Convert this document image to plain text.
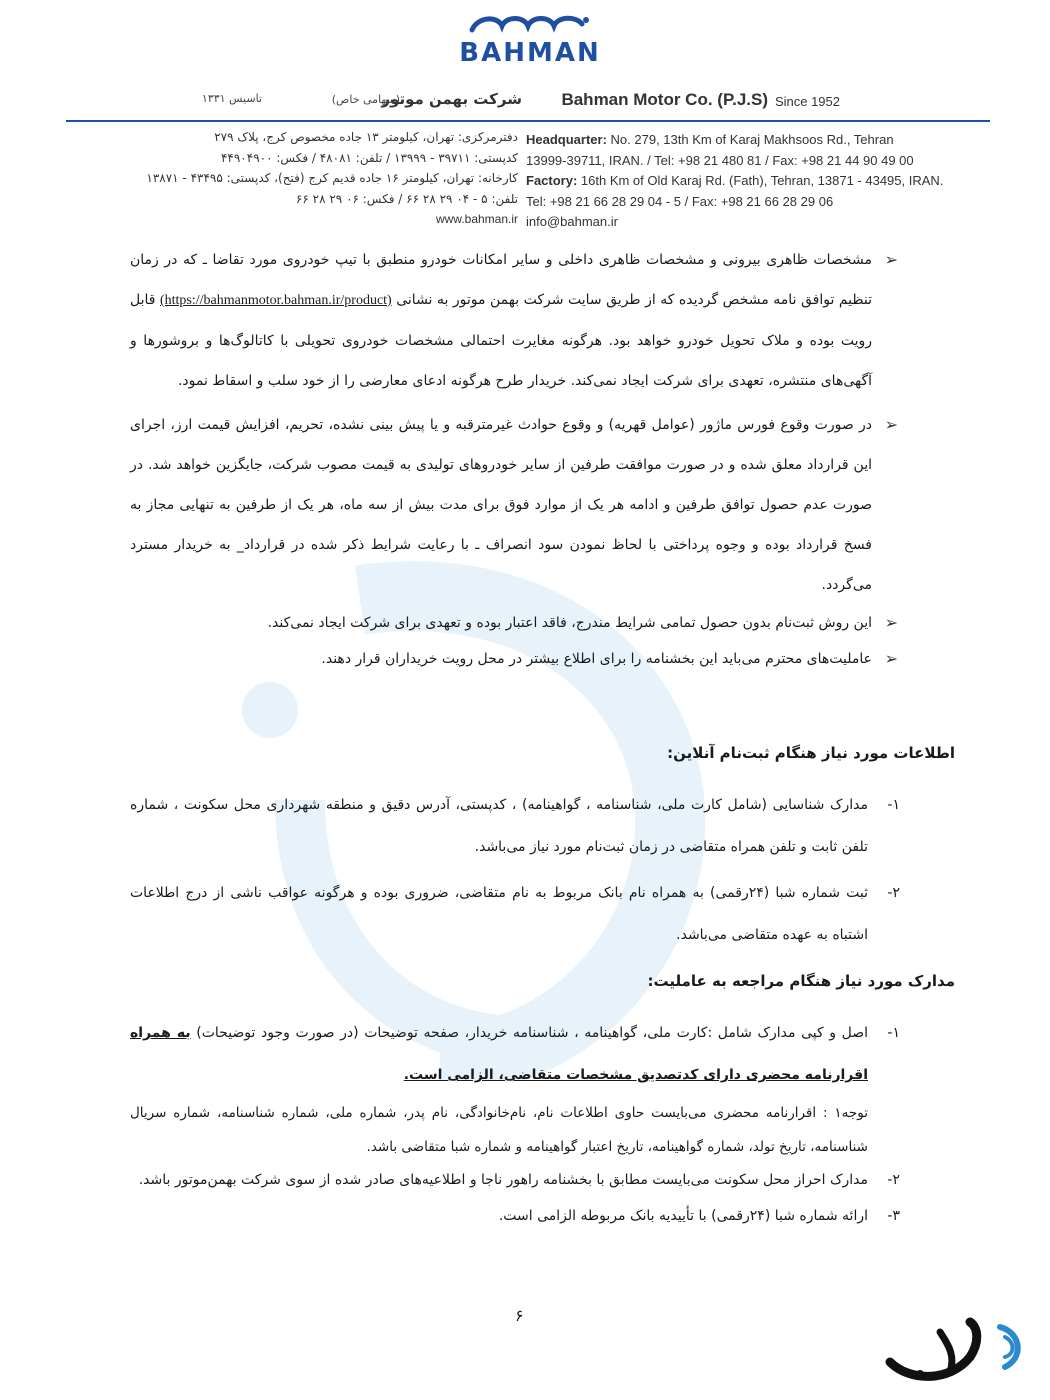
BAHMAN
Since 1952
Bahman Motor Co. (P.J.S)
شرکت بهمن موتور
(سهامی خاص)
تاسیس ۱۳۳۱
Headquarter: No. 279, 13th Km of Karaj Makhsoos Rd., Tehran
13999-39711, IRAN. / Tel: +98 21 480 81 / Fax: +98 21 44 90 49 00
Factory: 16th Km of Old Karaj Rd. (Fath), Tehran, 13871 - 43495, IRAN.
Tel: +98 21 66 28 29 04 - 5 / Fax: +98 21 66 28 29 06
info@bahman.ir
دفترمرکزی: تهران، کیلومتر ۱۳ جاده مخصوص کرج، پلاک ۲۷۹
کدپستی: ۳۹۷۱۱ - ۱۳۹۹۹ / تلفن: ۴۸۰۸۱ / فکس: ۴۴۹۰۴۹۰۰
کارخانه: تهران، کیلومتر ۱۶ جاده قدیم کرج (فتح)، کدپستی: ۴۳۴۹۵ - ۱۳۸۷۱
تلفن: ۵ - ۰۴ ۲۹ ۲۸ ۶۶ / فکس: ۰۶ ۲۹ ۲۸ ۶۶
www.bahman.ir
➢
مشخصات ظاهری بیرونی و مشخصات ظاهری داخلی و سایر امکانات خودرو منطبق با تیپ خودروی مورد تقاضا ـ که در زمان تنظیم توافق نامه مشخص گردیده که از طریق سایت شرکت بهمن موتور به نشانی (https://bahmanmotor.bahman.ir/product) قابل رویت بوده و ملاک تحویل خودرو خواهد بود. هرگونه مغایرت احتمالی مشخصات خودروی تحویلی با کاتالوگ‌ها و بروشورها و آگهی‌های منتشره، تعهدی برای شرکت ایجاد نمی‌کند. خریدار طرح هرگونه ادعای معارضی را از خود سلب و اسقاط نمود.
➢
در صورت وقوع فورس ماژور (عوامل قهریه) و وقوع حوادث غیرمترقبه و یا پیش بینی نشده، تحریم، افزایش قیمت ارز، اجرای این قرارداد معلق شده و در صورت موافقت طرفین از سایر خودروهای تولیدی به قیمت مصوب شرکت، جایگزین خواهد شد. در صورت عدم حصول توافق طرفین و ادامه هر یک از موارد فوق برای مدت بیش از سه ماه، هر یک از طرفین به تنهایی مجاز به فسخ قرارداد بوده و وجوه پرداختی با لحاظ نمودن سود انصراف ـ با رعایت شرایط ذکر شده در قرارداد_ به خریدار مسترد می‌گردد.
➢
این روش ثبت‌نام بدون حصول تمامی شرایط مندرج، فاقد اعتبار بوده و تعهدی برای شرکت ایجاد نمی‌کند.
➢
عاملیت‌های محترم می‌باید این بخشنامه را برای اطلاع بیشتر در محل رویت خریداران قرار دهند.
اطلاعات مورد نیاز هنگام ثبت‌نام آنلاین:
۱-
مدارک شناسایی (شامل کارت ملی، شناسنامه ، گواهینامه) ، کدپستی، آدرس دقیق و منطقه شهرداری محل سکونت ، شماره تلفن ثابت و تلفن همراه متقاضی در زمان ثبت‌نام مورد نیاز می‌باشد.
۲-
ثبت شماره شبا (۲۴رقمی) به همراه نام بانک مربوط به نام متقاضی، ضروری بوده و هرگونه عواقب ناشی از درج اطلاعات اشتباه به عهده متقاضی می‌باشد.
مدارک مورد نیاز هنگام مراجعه به عاملیت:
۱-
اصل و کپی مدارک شامل :کارت ملی، گواهینامه ، شناسنامه خریدار، صفحه توضیحات (در صورت وجود توضیحات) به همراه اقرارنامه محضری دارای کدتصدیق مشخصات متقاضی، الزامی است.
توجه۱ : اقرارنامه محضری می‌بایست حاوی اطلاعات نام، نام‌خانوادگی، نام پدر، شماره ملی، شماره شناسنامه، شماره سریال شناسنامه، تاریخ تولد، شماره گواهینامه، تاریخ اعتبار گواهینامه و شماره شبا متقاضی باشد.
۲-
مدارک احراز محل سکونت می‌بایست مطابق با بخشنامه راهور ناجا و اطلاعیه‌های صادر شده از سوی شرکت بهمن‌موتور باشد.
۳-
ارائه شماره شبا (۲۴رقمی) با تأییدیه بانک مربوطه الزامی است.
۶
